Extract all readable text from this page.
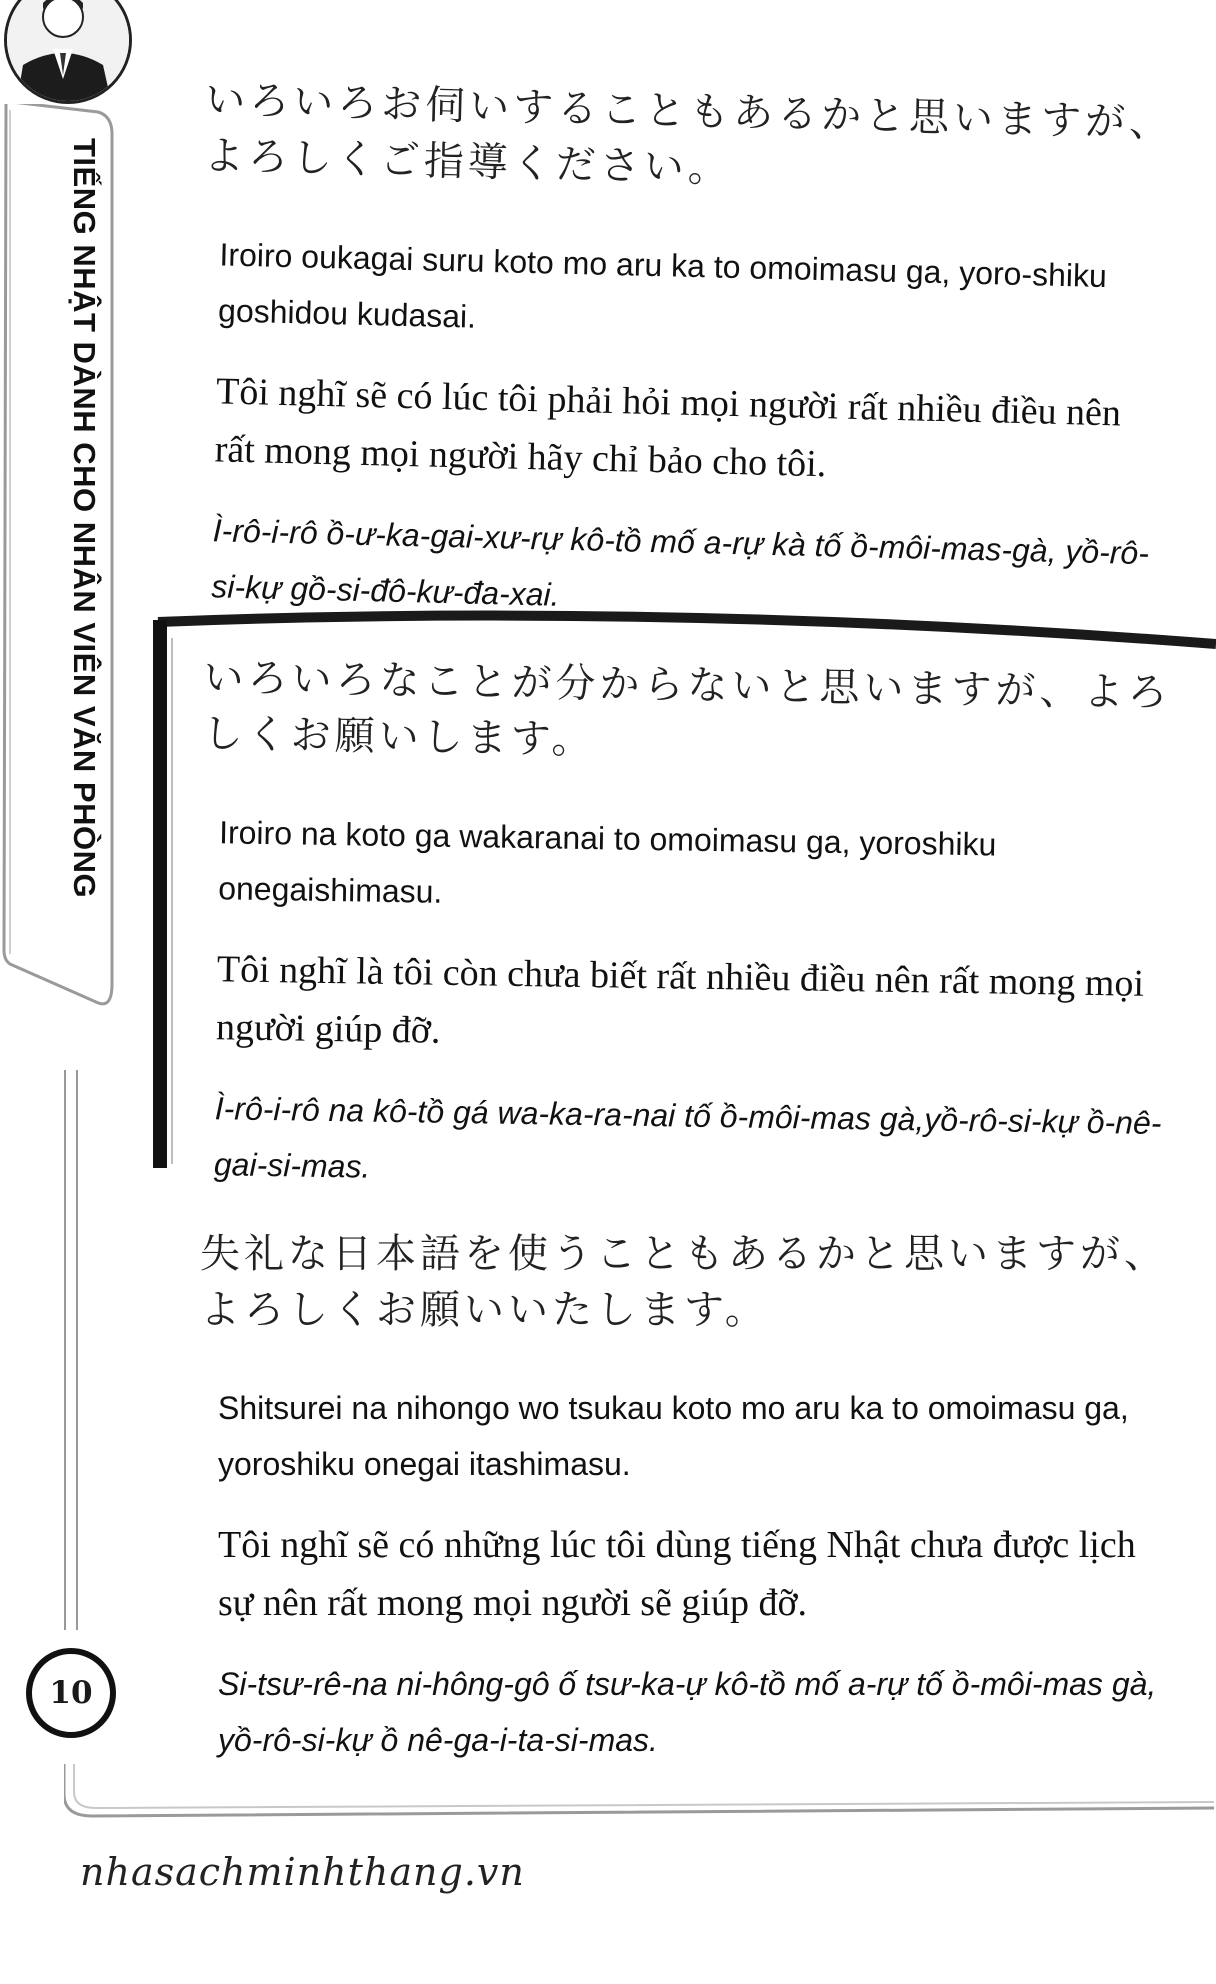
TIẾNG NHẬT DÀNH CHO NHÂN VIÊN VĂN PHÒNG
10
nhasachminhthang.vn

いろいろお伺いすることもあるかと思いますが、よろしくご指導ください。

Iroiro oukagai suru koto mo aru ka to omoimasu ga, yoro-shiku goshidou kudasai.

Tôi nghĩ sẽ có lúc tôi phải hỏi mọi người rất nhiều điều nên rất mong mọi người hãy chỉ bảo cho tôi.

Ì-rô-i-rô ồ-ư-ka-gai-xư-rự kô-tồ mố a-rự kà tố ồ-môi-mas-gà, yồ-rô-si-kự gồ-si-đô-kư-đa-xai.

いろいろなことが分からないと思いますが、よろしくお願いします。

Iroiro na koto ga wakaranai to omoimasu ga, yoroshiku onegaishimasu.

Tôi nghĩ là tôi còn chưa biết rất nhiều điều nên rất mong mọi người giúp đỡ.

Ì-rô-i-rô na kô-tồ gá wa-ka-ra-nai tố ồ-môi-mas gà,yồ-rô-si-kự ồ-nê-gai-si-mas.

失礼な日本語を使うこともあるかと思いますが、よろしくお願いいたします。

Shitsurei na nihongo wo tsukau koto mo aru ka to omoimasu ga, yoroshiku onegai itashimasu.

Tôi nghĩ sẽ có những lúc tôi dùng tiếng Nhật chưa được lịch sự nên rất mong mọi người sẽ giúp đỡ.

Si-tsư-rê-na ni-hông-gô ố tsư-ka-ự kô-tồ mố a-rự tố ồ-môi-mas gà, yồ-rô-si-kự ồ nê-ga-i-ta-si-mas.
